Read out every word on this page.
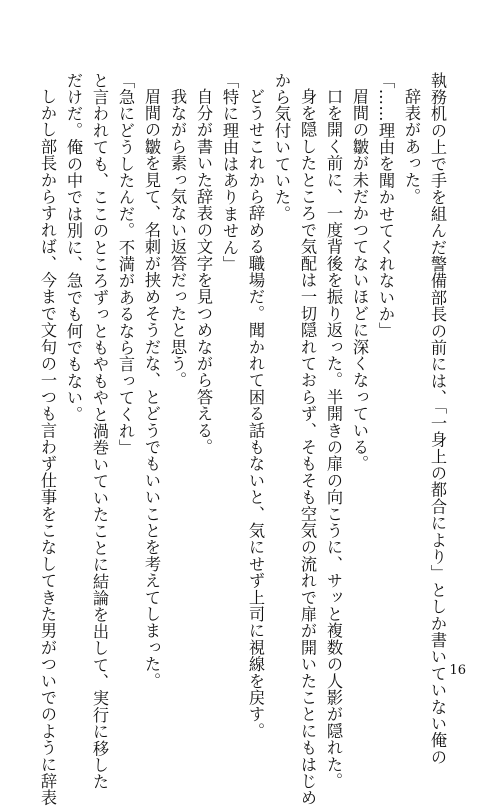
執務机の上で手を組んだ警備部長の前には、「一身上の都合により」としか書いていない俺の
辞表があった。
「……理由を聞かせてくれないか」
眉間の皺が未だかつてないほどに深くなっている。
口を開く前に、一度背後を振り返った。半開きの扉の向こうに、サッと複数の人影が隠れた。
身を隠したところで気配は一切隠れておらず、そもそも空気の流れで扉が開いたことにもはじめ
から気付いていた。
どうせこれから辞める職場だ。聞かれて困る話もないと、気にせず上司に視線を戻す。
「特に理由はありません」
自分が書いた辞表の文字を見つめながら答える。
我ながら素っ気ない返答だったと思う。
眉間の皺を見て、名刺が挟めそうだな、とどうでもいいことを考えてしまった。
「急にどうしたんだ。不満があるなら言ってくれ」
と言われても、ここのところずっともやもやと渦巻いていたことに結論を出して、実行に移した
だけだ。俺の中では別に、急でも何でもない。
しかし部長からすれば、今まで文句の一つも言わず仕事をこなしてきた男がついでのように辞表	16
